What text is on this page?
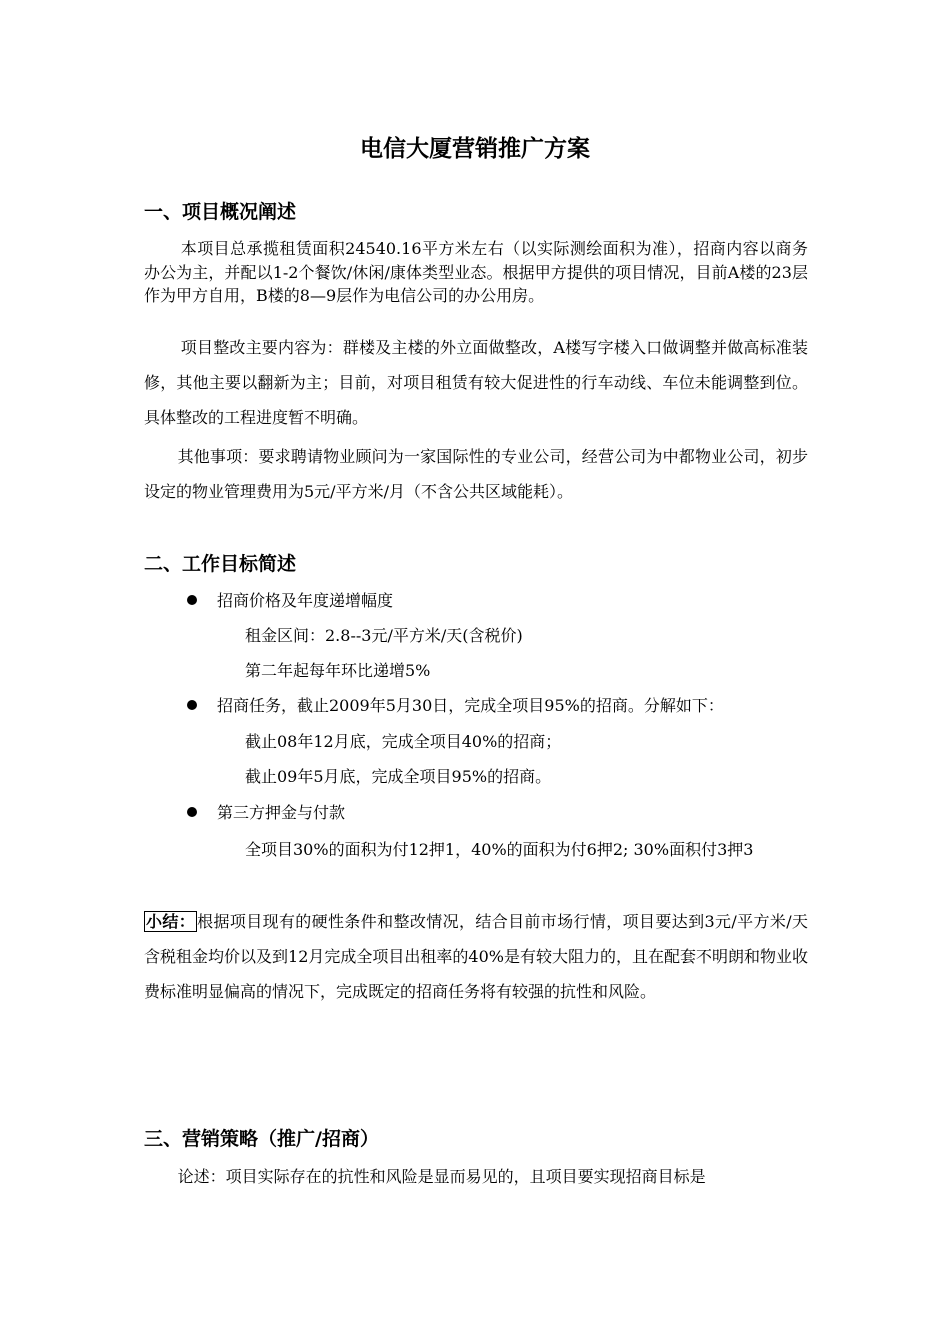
电信大厦营销推广方案
一、项目概况阐述
本项目总承揽租赁面积24540.16平方米左右（以实际测绘面积为准），招商内容以商务办公为主，并配以1-2个餐饮/休闲/康体类型业态。根据甲方提供的项目情况，目前A楼的23层作为甲方自用，B楼的8—9层作为电信公司的办公用房。
项目整改主要内容为：群楼及主楼的外立面做整改，A楼写字楼入口做调整并做高标准装修，其他主要以翻新为主；目前，对项目租赁有较大促进性的行车动线、车位未能调整到位。具体整改的工程进度暂不明确。
其他事项：要求聘请物业顾问为一家国际性的专业公司，经营公司为中都物业公司，初步设定的物业管理费用为5元/平方米/月（不含公共区域能耗）。
二、工作目标简述
招商价格及年度递增幅度
租金区间：2.8--3元/平方米/天(含税价)
第二年起每年环比递增5%
招商任务，截止2009年5月30日，完成全项目95%的招商。分解如下：
截止08年12月底，完成全项目40%的招商；
截止09年5月底，完成全项目95%的招商。
第三方押金与付款
全项目30%的面积为付12押1，40%的面积为付6押2; 30%面积付3押3
小结： 根据项目现有的硬性条件和整改情况，结合目前市场行情，项目要达到3元/平方米/天含税租金均价以及到12月完成全项目出租率的40%是有较大阻力的，且在配套不明朗和物业收费标准明显偏高的情况下，完成既定的招商任务将有较强的抗性和风险。
三、营销策略（推广/招商）
论述：项目实际存在的抗性和风险是显而易见的，且项目要实现招商目标是
